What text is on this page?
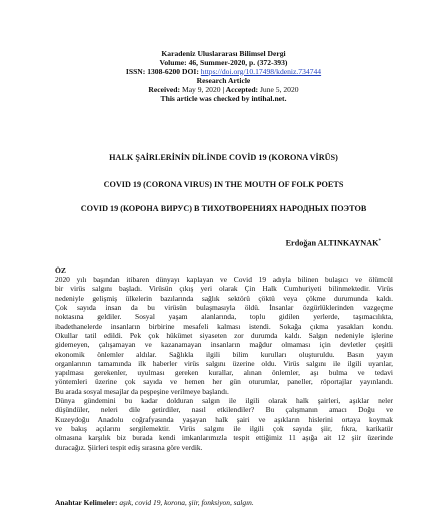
Karadeniz Uluslararası Bilimsel Dergi
Volume: 46, Summer-2020, p. (372-393)
ISSN: 1308-6200 DOI: https://doi.org/10.17498/kdeniz.734744
Research Article
Received: May 9, 2020 | Accepted: June 5, 2020
This article was checked by intihal.net.
HALK ŞAİRLERİNİN DİLİNDE COVİD 19 (KORONA VİRÜS)
COVID 19 (CORONA VIRUS) IN THE MOUTH OF FOLK POETS
COVID 19 (КОРОНА ВИРУС) В ТИХОТВОРЕНИЯХ НАРОДНЫХ ПОЭТОВ
Erdoğan ALTINKAYNAK*
ÖZ
2020 yılı başından itibaren dünyayı kaplayan ve Covid 19 adıyla bilinen bulaşıcı ve ölümcül
bir virüs salgını başladı. Virüsün çıkış yeri olarak Çin Halk Cumhuriyeti bilinmektedir. Virüs
nedeniyle gelişmiş ülkelerin bazılarında sağlık sektörü çöktü veya çökme durumunda kaldı.
Çok sayıda insan da bu virüsün bulaşmasıyla öldü. İnsanlar özgürlüklerinden vazgeçme
noktasına geldiler. Sosyal yaşam alanlarında, toplu gidilen yerlerde, taşımacılıkta,
ibadethanelerde insanların birbirine mesafeli kalması istendi. Sokağa çıkma yasakları kondu.
Okullar tatil edildi. Pek çok hükümet siyaseten zor durumda kaldı. Salgın nedeniyle işlerine
gidemeyen, çalışamayan ve kazanamayan insanların mağdur olmaması için devletler çeşitli
ekonomik önlemler aldılar. Sağlıkla ilgili bilim kurulları oluşturuldu. Basın yayın
organlarının tamamında ilk haberler virüs salgını üzerine oldu. Virüs salgını ile ilgili uyarılar,
yapılması gerekenler, uyulması gereken kurallar, alınan önlemler, aşı bulma ve tedavi
yöntemleri üzerine çok sayıda ve hemen her gün oturumlar, paneller, röportajlar yayınlandı.
Bu arada sosyal mesajlar da peşpeşine verilmeye başlandı.
Dünya gündemini bu kadar dolduran salgın ile ilgili olarak halk şairleri, aşıklar neler
düşündüler, neleri dile getirdiler, nasıl etkilendiler? Bu çalışmanın amacı Doğu ve
Kuzeydoğu Anadolu coğrafyasında yaşayan halk şairi ve aşıkların hislerini ortaya koymak
ve bakış açılarını sergilemektir. Virüs salgını ile ilgili çok sayıda şiir, fıkra, karikatür
olmasına karşılık biz burada kendi imkanlarımızla tespit ettiğimiz 11 aşığa ait 12 şiir üzerinde
duracağız. Şiirleri tespit ediş sırasına göre verdik.
Anahtar Kelimeler: aşık, covid 19, korona, şiir, fonksiyon, salgın.
